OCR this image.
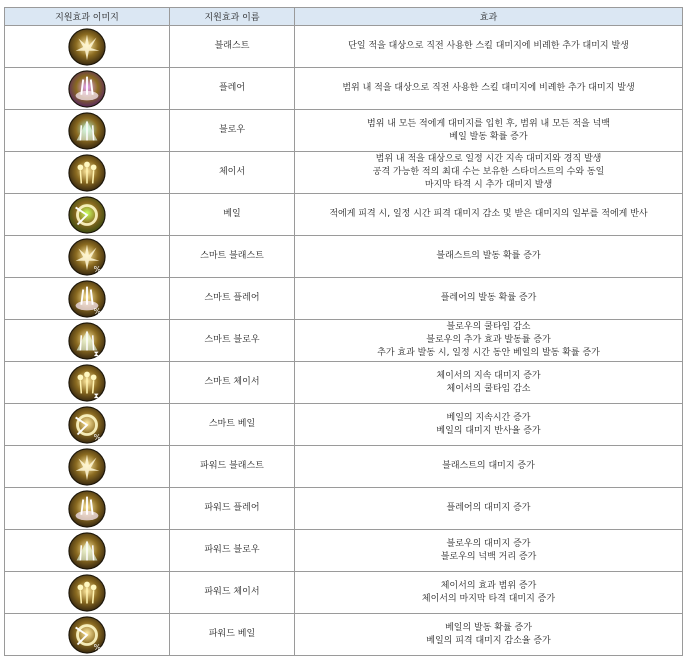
지원효과 이미지	지원효과 이름	효과

	블래스트	단일 적을 대상으로 직전 사용한 스킬 대미지에 비례한 추가 대미지 발생

	플레어	범위 내 적을 대상으로 직전 사용한 스킬 대미지에 비례한 추가 대미지 발생

	블로우	범위 내 모든 적에게 대미지를 입힌 후, 범위 내 모든 적을 넉백
베일 발동 확률 증가

	체이서	범위 내 적을 대상으로 일정 시간 지속 대미지와 경직 발생
공격 가능한 적의 최대 수는 보유한 스타더스트의 수와 동일
마지막 타격 시 추가 대미지 발생

	베일	적에게 피격 시, 일정 시간 피격 대미지 감소 및 받은 대미지의 일부를 적에게 반사

%	스마트 블래스트	블래스트의 발동 확률 증가

%	스마트 플레어	플레어의 발동 확률 증가

⧗	스마트 블로우	블로우의 쿨타임 감소
블로우의 추가 효과 발동률 증가
추가 효과 발동 시, 일정 시간 동안 베일의 발동 확률 증가

⧗	스마트 체이서	체이서의 지속 대미지 증가
체이서의 쿨타임 감소

%	스마트 베일	베일의 지속시간 증가
베일의 대미지 반사율 증가

	파워드 블래스트	블래스트의 대미지 증가

	파워드 플레어	플레어의 대미지 증가

	파워드 블로우	블로우의 대미지 증가
블로우의 넉백 거리 증가

	파워드 체이서	체이서의 효과 범위 증가
체이서의 마지막 타격 대미지 증가

%	파워드 베일	베일의 발동 확률 증가
베일의 피격 대미지 감소율 증가
